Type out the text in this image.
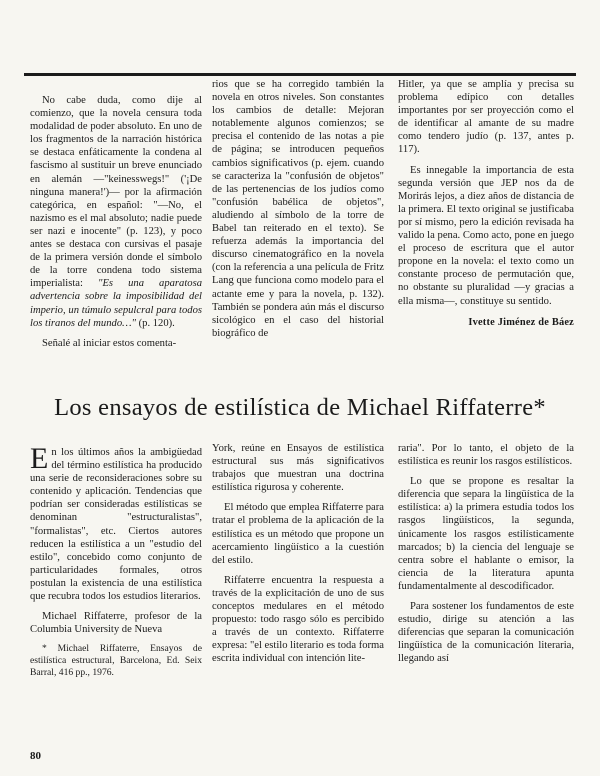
No cabe duda, como dije al comienzo, que la novela censura toda modalidad de poder absoluto. En uno de los fragmentos de la narración histórica se destaca enfáticamente la condena al fascismo al sustituir un breve enunciado en alemán —"keinesswegs!" ('¡De ninguna manera!')— por la afirmación categórica, en español: "—No, el nazismo es el mal absoluto; nadie puede ser nazi e inocente" (p. 123), y poco antes se destaca con cursivas el pasaje de la primera versión donde el símbolo de la torre condena todo sistema imperialista: "Es una aparatosa advertencia sobre la imposibilidad del imperio, un túmulo sepulcral para todos los tiranos del mundo…" (p. 120).

Señalé al iniciar estos comenta-

rios que se ha corregido también la novela en otros niveles. Son constantes los cambios de detalle: Mejoran notablemente algunos comienzos; se precisa el contenido de las notas a pie de página; se introducen pequeños cambios significativos (p. ejem. cuando se caracteriza la "confusión de objetos" de las pertenencias de los judíos como "confusión babélica de objetos", aludiendo al símbolo de la torre de Babel tan reiterado en el texto). Se refuerza además la importancia del discurso cinematográfico en la novela (con la referencia a una película de Fritz Lang que funciona como modelo para el actante eme y para la novela, p. 132). También se pondera aún más el discurso sicológico en el caso del historial biográfico de

Hitler, ya que se amplía y precisa su problema edípico con detalles importantes por ser proyección como el de identificar al amante de su madre como tendero judío (p. 137, antes p. 117).

Es innegable la importancia de esta segunda versión que JEP nos da de Morirás lejos, a diez años de distancia de la primera. El texto original se justificaba por sí mismo, pero la edición revisada ha valido la pena. Como acto, pone en juego el proceso de escritura que el autor propone en la novela: el texto como un constante proceso de permutación que, no obstante su pluralidad —y gracias a ella misma—, constituye su sentido.

Ivette Jiménez de Báez
Los ensayos de estilística de Michael Riffaterre*

En los últimos años la ambigüedad del término estilística ha producido una serie de reconsideraciones sobre su contenido y aplicación. Tendencias que podrían ser consideradas estilísticas se denominan "estructuralistas", "formalistas", etc. Ciertos autores reducen la estilística a un "estudio del estilo", concebido como conjunto de particularidades formales, otros postulan la existencia de una estilística que recubra todos los estudios literarios.

Michael Riffaterre, profesor de la Columbia University de Nueva

* Michael Riffaterre, Ensayos de estilística estructural, Barcelona, Ed. Seix Barral, 416 pp., 1976.

York, reúne en Ensayos de estilística estructural sus más significativos trabajos que muestran una doctrina estilística rigurosa y coherente.

El método que emplea Riffaterre para tratar el problema de la aplicación de la estilística es un método que propone un acercamiento lingüístico a la cuestión del estilo.

Riffaterre encuentra la respuesta a través de la explicitación de uno de sus conceptos medulares en el método propuesto: todo rasgo sólo es percibido a través de un contexto. Riffaterre expresa: "el estilo literario es toda forma escrita individual con intención lite-

raria". Por lo tanto, el objeto de la estilística es reunir los rasgos estilísticos.

Lo que se propone es resaltar la diferencia que separa la lingüística de la estilística: a) la primera estudia todos los rasgos lingüísticos, la segunda, únicamente los rasgos estilísticamente marcados; b) la ciencia del lenguaje se centra sobre el hablante o emisor, la ciencia de la literatura apunta fundamentalmente al descodificador.

Para sostener los fundamentos de este estudio, dirige su atención a las diferencias que separan la comunicación lingüística de la comunicación literaria, llegando así

80
